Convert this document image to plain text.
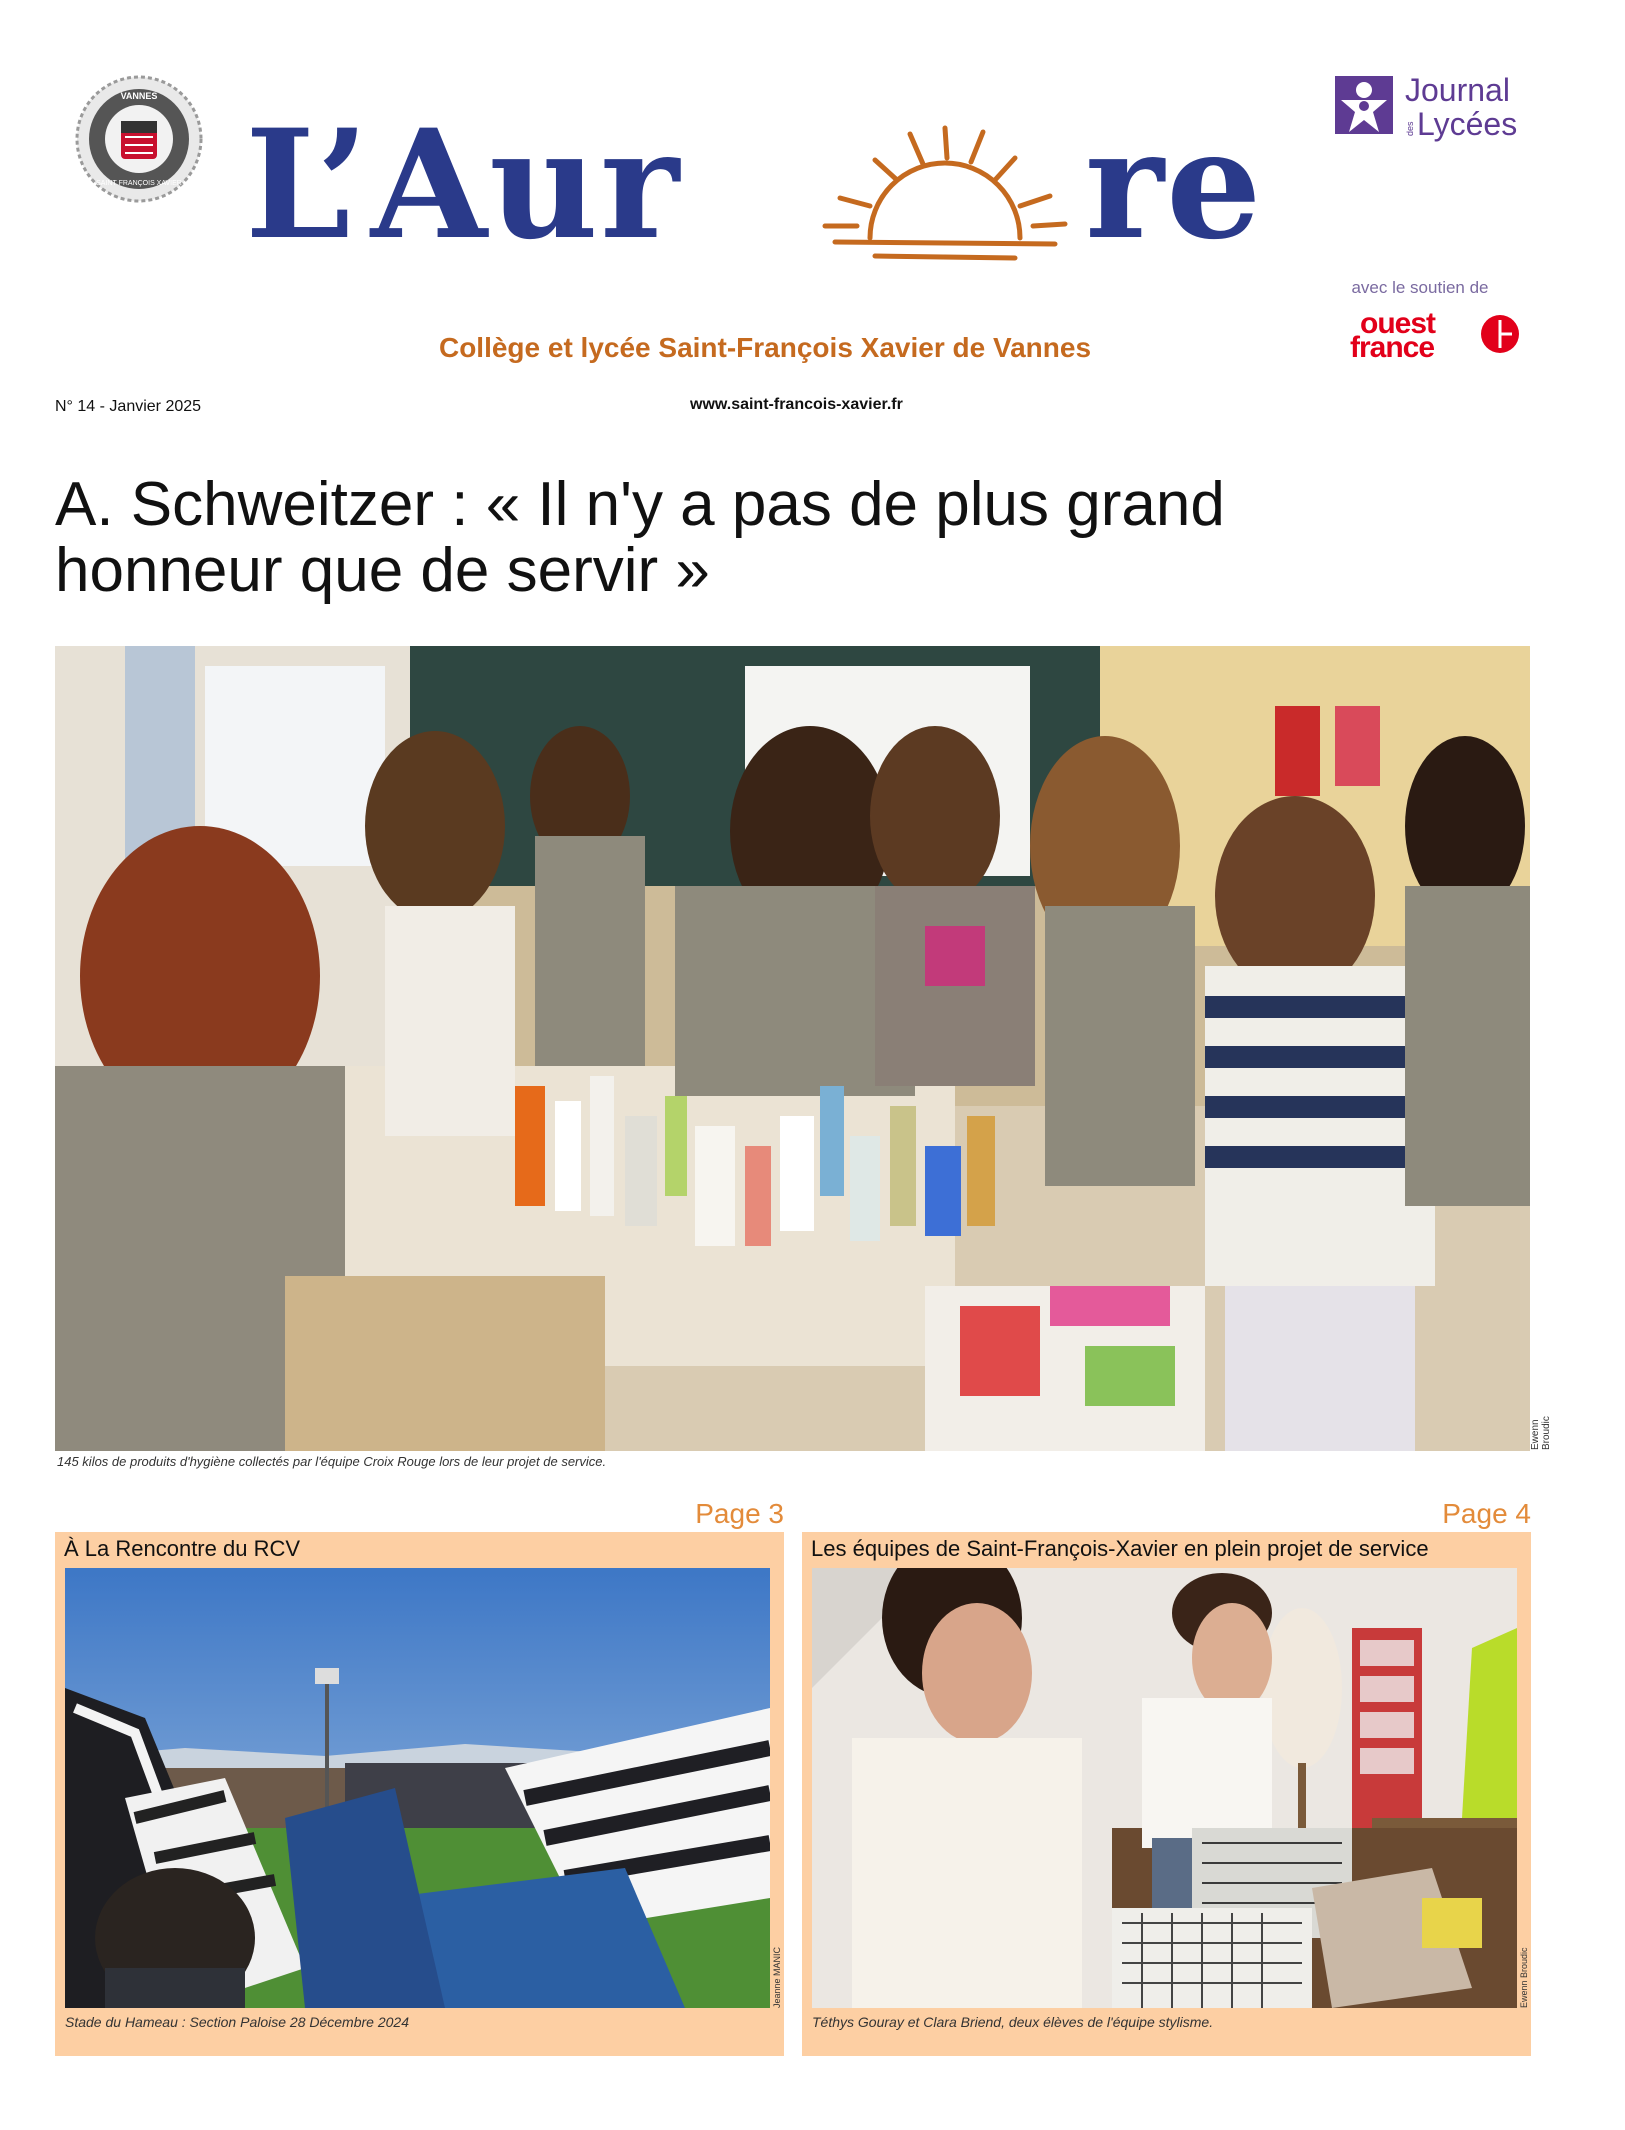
VANNES
SAINT FRANÇOIS XAVIER L’Aur	re
Journal
des Lycées
avec le soutien de
ouest
france
Collège et lycée Saint-François Xavier de Vannes
N° 14 - Janvier 2025	www.saint-francois-xavier.fr
A. Schweitzer : « Il n'y a pas de plus grand
honneur que de servir »
Ewenn Broudic
145 kilos de produits d'hygiène collectés par l'équipe Croix Rouge lors de leur projet de service.
Page 3
À La Rencontre du RCV
Jeanne MANIC
Stade du Hameau : Section Paloise 28 Décembre 2024
Page 4
Les équipes de Saint-François-Xavier en plein projet de service
Ewenn Broudic
Téthys Gouray et Clara Briend, deux élèves de l'équipe stylisme.
